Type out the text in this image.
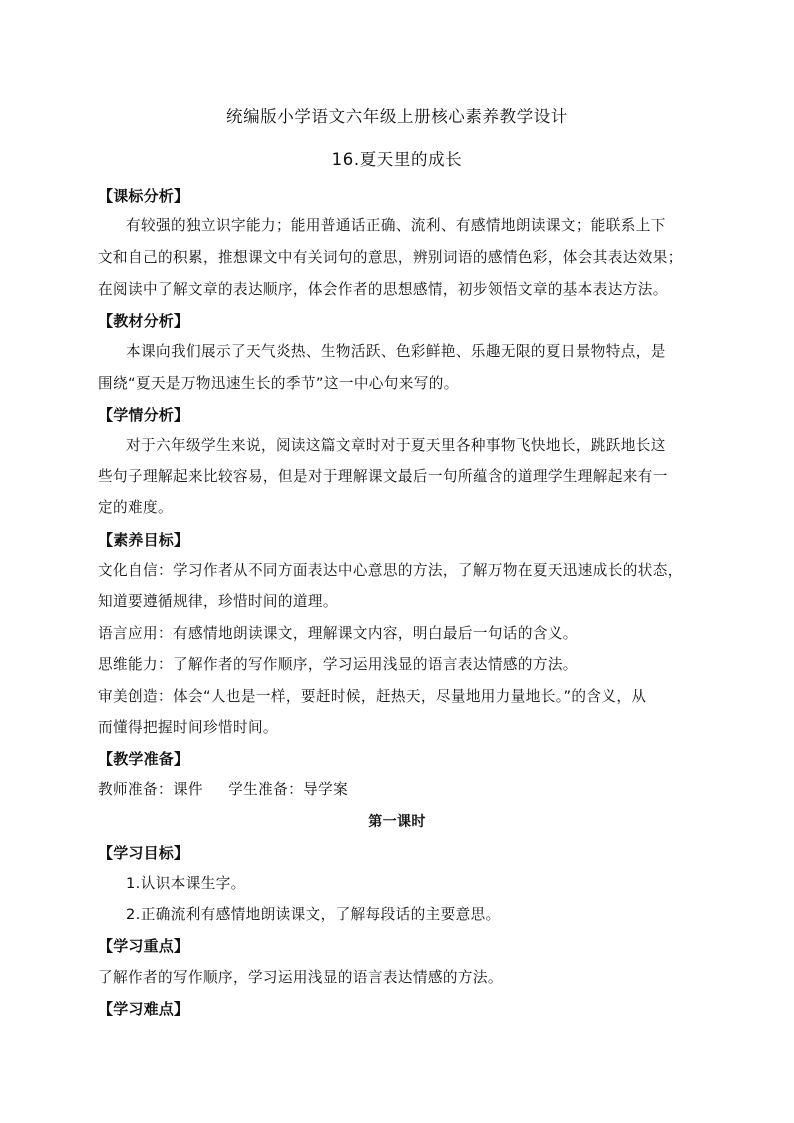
统编版小学语文六年级上册核心素养教学设计
16.夏天里的成长
【课标分析】
有较强的独立识字能力；能用普通话正确、流利、有感情地朗读课文；能联系上下
文和自己的积累，推想课文中有关词句的意思，辨别词语的感情色彩，体会其表达效果；
在阅读中了解文章的表达顺序，体会作者的思想感情，初步领悟文章的基本表达方法。
【教材分析】
本课向我们展示了天气炎热、生物活跃、色彩鲜艳、乐趣无限的夏日景物特点，是
围绕“夏天是万物迅速生长的季节”这一中心句来写的。
【学情分析】
对于六年级学生来说，阅读这篇文章时对于夏天里各种事物飞快地长，跳跃地长这
些句子理解起来比较容易，但是对于理解课文最后一句所蕴含的道理学生理解起来有一
定的难度。
【素养目标】
文化自信：学习作者从不同方面表达中心意思的方法，了解万物在夏天迅速成长的状态，
知道要遵循规律，珍惜时间的道理。
语言应用：有感情地朗读课文，理解课文内容，明白最后一句话的含义。
思维能力：了解作者的写作顺序，学习运用浅显的语言表达情感的方法。
审美创造：体会“人也是一样，要赶时候，赶热天，尽量地用力量地长。”的含义，从
而懂得把握时间珍惜时间。
【教学准备】
教师准备：课件     学生准备：导学案
第一课时
【学习目标】
1.认识本课生字。
2.正确流利有感情地朗读课文，了解每段话的主要意思。
【学习重点】
了解作者的写作顺序，学习运用浅显的语言表达情感的方法。
【学习难点】
